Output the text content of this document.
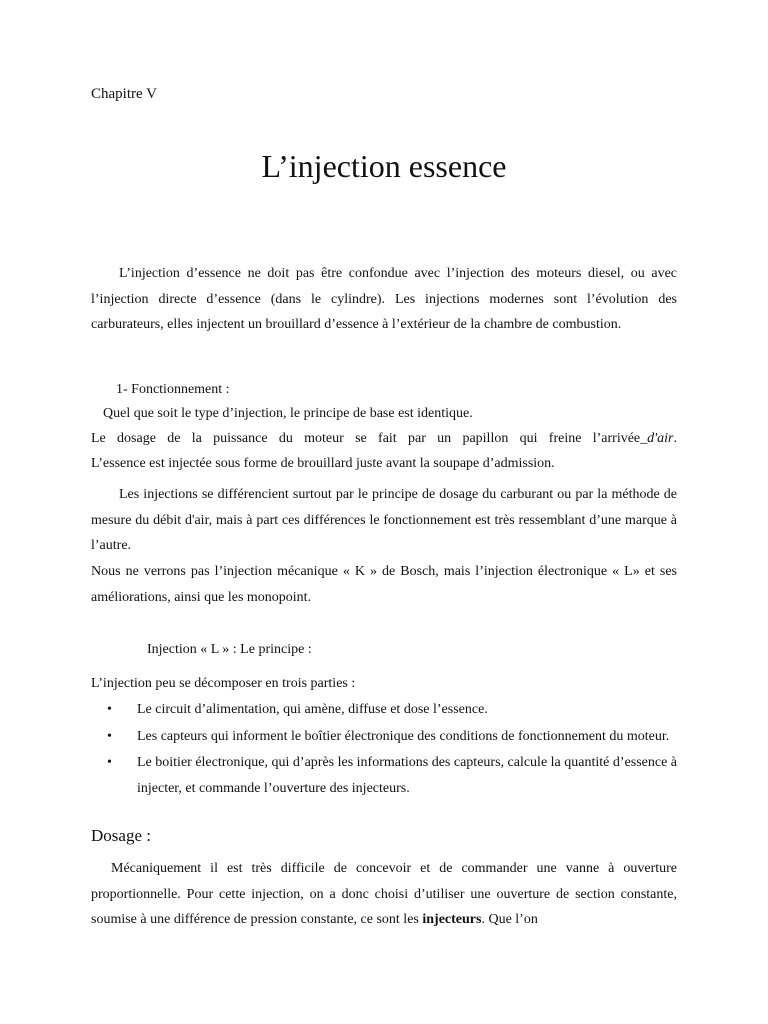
Chapitre V
L’injection essence
L’injection d’essence ne doit pas être confondue avec l’injection des moteurs diesel, ou avec l’injection directe d’essence (dans le cylindre). Les injections modernes sont l’évolution des carburateurs, elles injectent un brouillard d’essence à l’extérieur de la chambre de combustion.
1- Fonctionnement :
Quel que soit le type d’injection, le principe de base est identique.
Le dosage de la puissance du moteur se fait par un papillon qui freine l’arrivée_d'air.
L’essence est injectée sous forme de brouillard juste avant la soupape d’admission.
Les injections se différencient surtout par le principe de dosage du carburant ou par la méthode de mesure du débit d'air, mais à part ces différences le fonctionnement est très ressemblant d’une marque à l’autre.
Nous ne verrons pas l’injection mécanique « K » de Bosch, mais l’injection électronique « L» et ses améliorations, ainsi que les monopoint.
Injection « L » : Le principe :
L’injection peu se décomposer en trois parties :
• Le circuit d’alimentation, qui amène, diffuse et dose l’essence.
• Les capteurs qui informent le boîtier électronique des conditions de fonctionnement du moteur.
• Le boitier électronique, qui d’après les informations des capteurs, calcule la quantité d’essence à injecter, et commande l’ouverture des injecteurs.
Dosage :
Mécaniquement il est très difficile de concevoir et de commander une vanne à ouverture proportionnelle. Pour cette injection, on a donc choisi d’utiliser une ouverture de section constante, soumise à une différence de pression constante, ce sont les injecteurs. Que l’on
